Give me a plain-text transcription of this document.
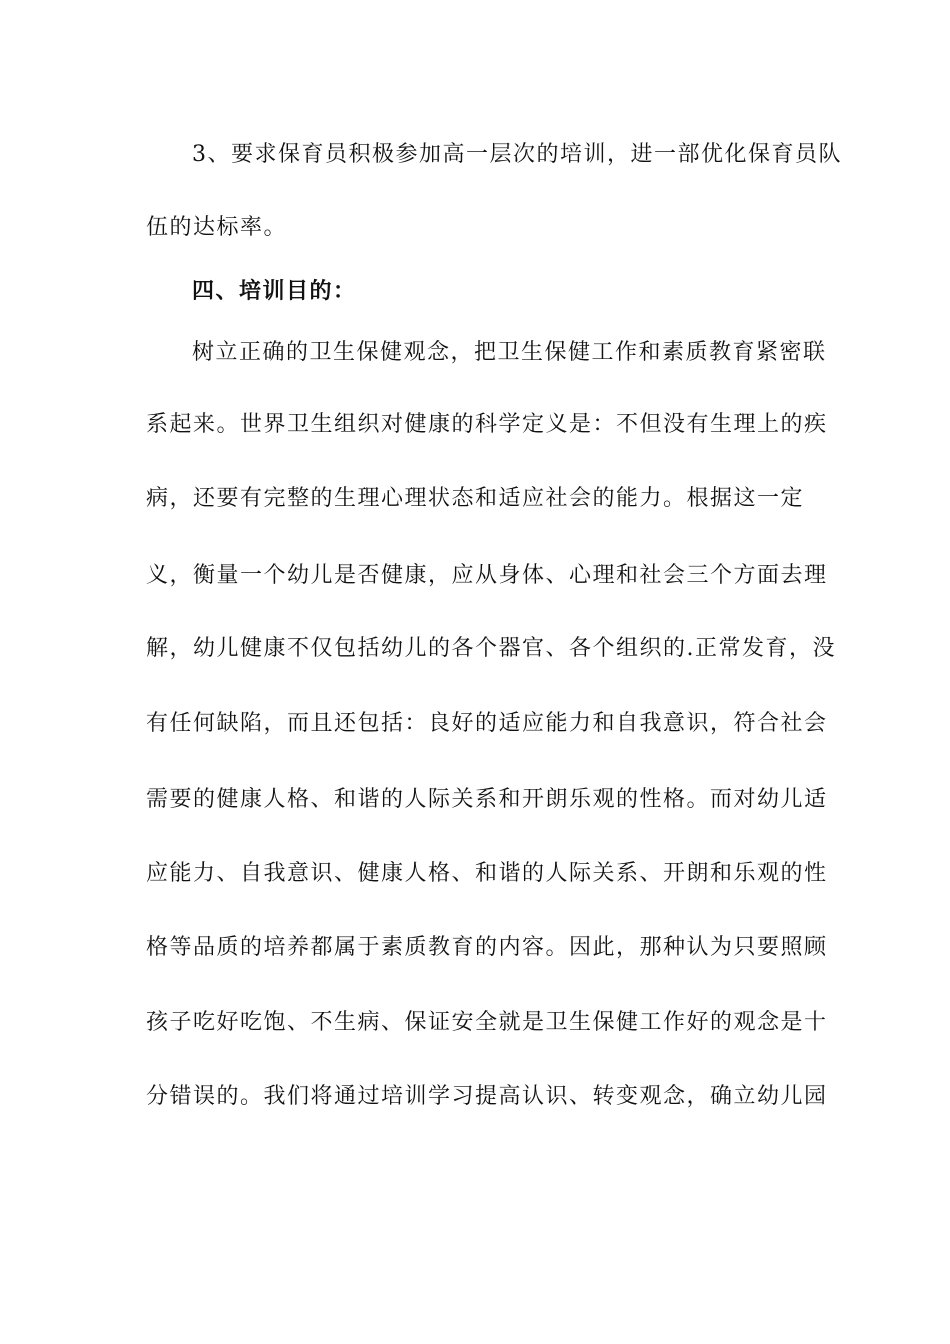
3、要求保育员积极参加高一层次的培训，进一部优化保育员队
伍的达标率。
四、培训目的：
树立正确的卫生保健观念，把卫生保健工作和素质教育紧密联
系起来。世界卫生组织对健康的科学定义是：不但没有生理上的疾
病，还要有完整的生理心理状态和适应社会的能力。根据这一定
义，衡量一个幼儿是否健康，应从身体、心理和社会三个方面去理
解，幼儿健康不仅包括幼儿的各个器官、各个组织的.正常发育，没
有任何缺陷，而且还包括：良好的适应能力和自我意识，符合社会
需要的健康人格、和谐的人际关系和开朗乐观的性格。而对幼儿适
应能力、自我意识、健康人格、和谐的人际关系、开朗和乐观的性
格等品质的培养都属于素质教育的内容。因此，那种认为只要照顾
孩子吃好吃饱、不生病、保证安全就是卫生保健工作好的观念是十
分错误的。我们将通过培训学习提高认识、转变观念，确立幼儿园
